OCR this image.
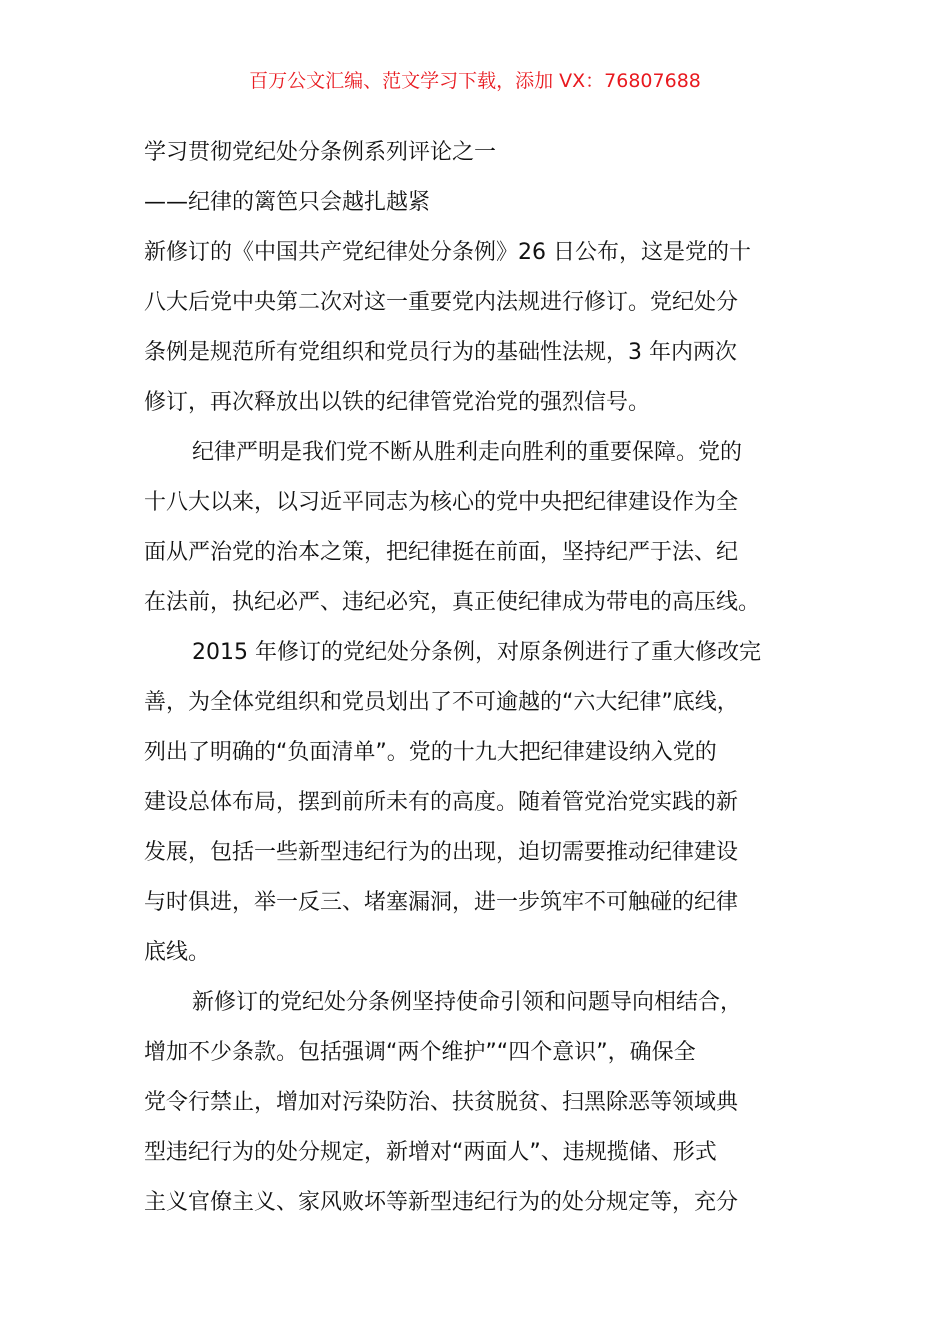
百万公文汇编、范文学习下载，添加 VX：76807688
学习贯彻党纪处分条例系列评论之一
——纪律的篱笆只会越扎越紧
新修订的《中国共产党纪律处分条例》26 日公布，这是党的十
八大后党中央第二次对这一重要党内法规进行修订。党纪处分
条例是规范所有党组织和党员行为的基础性法规，3 年内两次
修订，再次释放出以铁的纪律管党治党的强烈信号。
纪律严明是我们党不断从胜利走向胜利的重要保障。党的
十八大以来，以习近平同志为核心的党中央把纪律建设作为全
面从严治党的治本之策，把纪律挺在前面，坚持纪严于法、纪
在法前，执纪必严、违纪必究，真正使纪律成为带电的高压线。
2015 年修订的党纪处分条例，对原条例进行了重大修改完
善，为全体党组织和党员划出了不可逾越的“六大纪律”底线，
列出了明确的“负面清单”。党的十九大把纪律建设纳入党的
建设总体布局，摆到前所未有的高度。随着管党治党实践的新
发展，包括一些新型违纪行为的出现，迫切需要推动纪律建设
与时俱进，举一反三、堵塞漏洞，进一步筑牢不可触碰的纪律
底线。
新修订的党纪处分条例坚持使命引领和问题导向相结合，
增加不少条款。包括强调“两个维护”“四个意识”，确保全
党令行禁止，增加对污染防治、扶贫脱贫、扫黑除恶等领域典
型违纪行为的处分规定，新增对“两面人”、违规揽储、形式
主义官僚主义、家风败坏等新型违纪行为的处分规定等，充分
